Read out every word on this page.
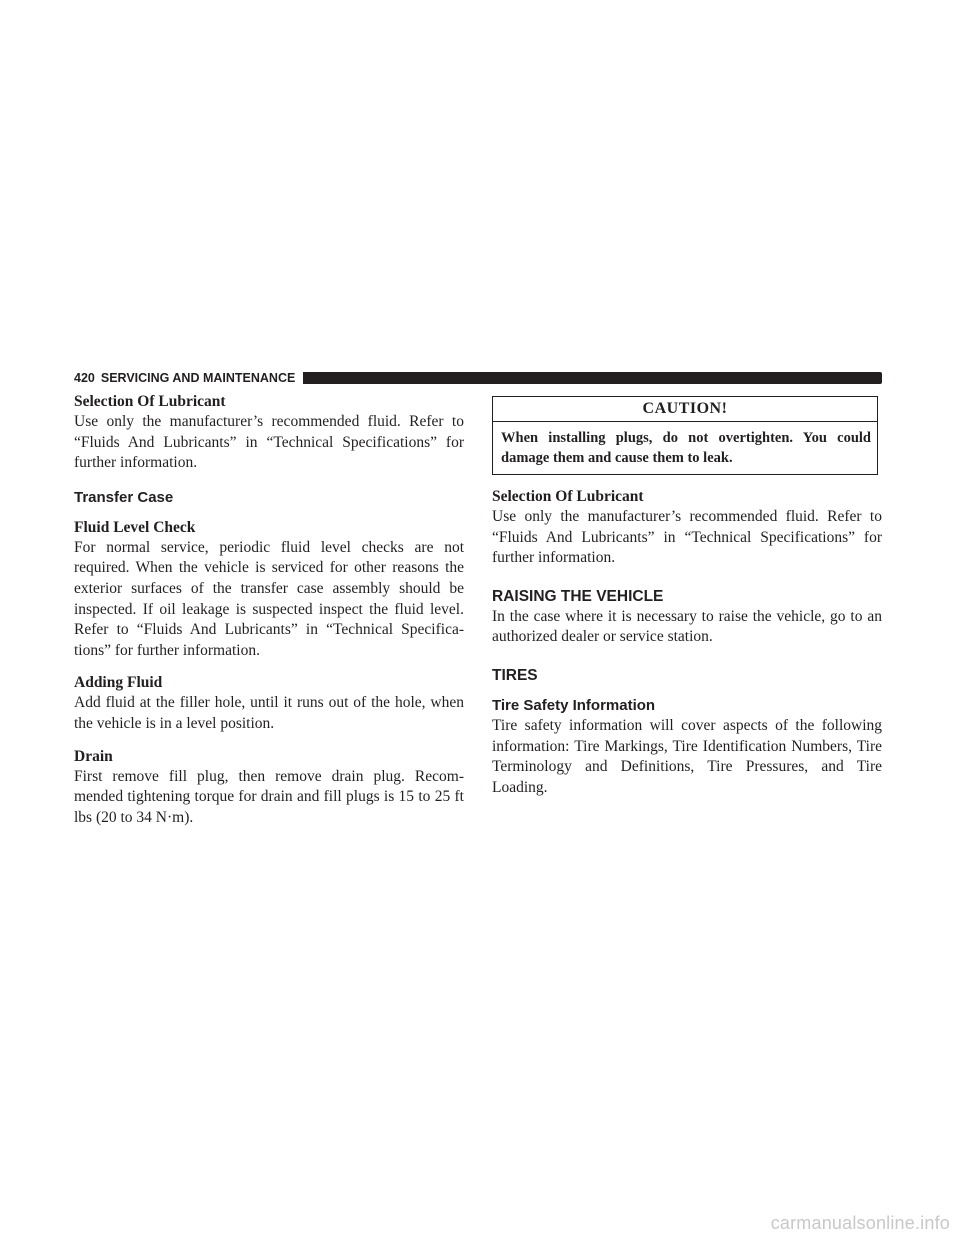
420 SERVICING AND MAINTENANCE
Selection Of Lubricant

Use only the manufacturer’s recommended fluid. Refer to “Fluids And Lubricants” in “Technical Specifications” for further information.

Transfer Case
Fluid Level Check

For normal service, periodic fluid level checks are not required. When the vehicle is serviced for other reasons the exterior surfaces of the transfer case assembly should be inspected. If oil leakage is suspected inspect the fluid level. Refer to “Fluids And Lubricants” in “Technical Specifica- tions” for further information.

Adding Fluid

Add fluid at the filler hole, until it runs out of the hole, when the vehicle is in a level position.

Drain

First remove fill plug, then remove drain plug. Recom- mended tightening torque for drain and fill plugs is 15 to 25 ft lbs (20 to 34 N·m).

CAUTION!
When installing plugs, do not overtighten. You could damage them and cause them to leak.
Selection Of Lubricant

Use only the manufacturer’s recommended fluid. Refer to “Fluids And Lubricants” in “Technical Specifications” for further information.

RAISING THE VEHICLE

In the case where it is necessary to raise the vehicle, go to an authorized dealer or service station.

TIRES
Tire Safety Information

Tire safety information will cover aspects of the following information: Tire Markings, Tire Identification Numbers, Tire Terminology and Definitions, Tire Pressures, and Tire Loading.

carmanualsonline.info
